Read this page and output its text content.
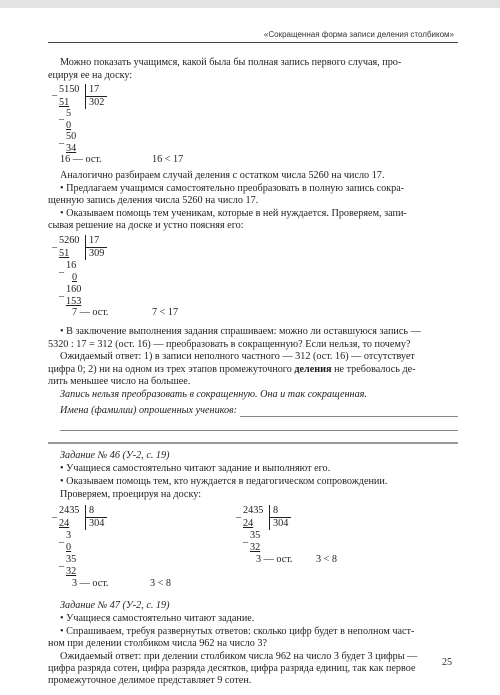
«Сокращенная форма записи деления столбиком»
Можно показать учащимся, какой была бы полная запись первого случая, про-
ецируя ее на доску:
_ 5150 17
51 302
_ 5
0
_ 50
34
16 — ост.	16 < 17
Аналогично разбираем случай деления с остатком числа 5260 на число 17.
• Предлагаем учащимся самостоятельно преобразовать в полную запись сокра-
щенную запись деления числа 5260 на число 17.
• Оказываем помощь тем ученикам, которые в ней нуждается. Проверяем, запи-
сывая решение на доске и устно поясняя его:
_ 5260 17
51 309
_ 16
0
_ 160
153
7 — ост.	7 < 17
• В заключение выполнения задания спрашиваем: можно ли оставшуюся запись —
5320 : 17 = 312 (ост. 16) — преобразовать в сокращенную? Если нельзя, то почему?
Ожидаемый ответ: 1) в записи неполного частного — 312 (ост. 16) — отсутствует
цифра 0; 2) ни на одном из трех этапов промежуточного деления не требовалось де-
лить меньшее число на большее.
Запись нельзя преобразовать в сокращенную. Она и так сокращенная.
Имена (фамилии) опрошенных учеников:
Задание № 46 (У-2, с. 19)
• Учащиеся самостоятельно читают задание и выполняют его.
• Оказываем помощь тем, кто нуждается в педагогическом сопровождении.
Проверяем, проецируя на доску:
_ 2435 8
24 304
_ 3
0
_ 35
32
3 — ост.	3 < 8
_ 2435 8
24 304
_ 35
32
3 — ост. 3 < 8
Задание № 47 (У-2, с. 19)
• Учащиеся самостоятельно читают задание.
• Спрашиваем, требуя развернутых ответов: сколько цифр будет в неполном част-
ном при делении столбиком числа 962 на число 3?
Ожидаемый ответ: при делении столбиком числа 962 на число 3 будет 3 цифры —
цифра разряда сотен, цифра разряда десятков, цифра разряда единиц, так как первое
промежуточное делимое представляет 9 сотен.
25
